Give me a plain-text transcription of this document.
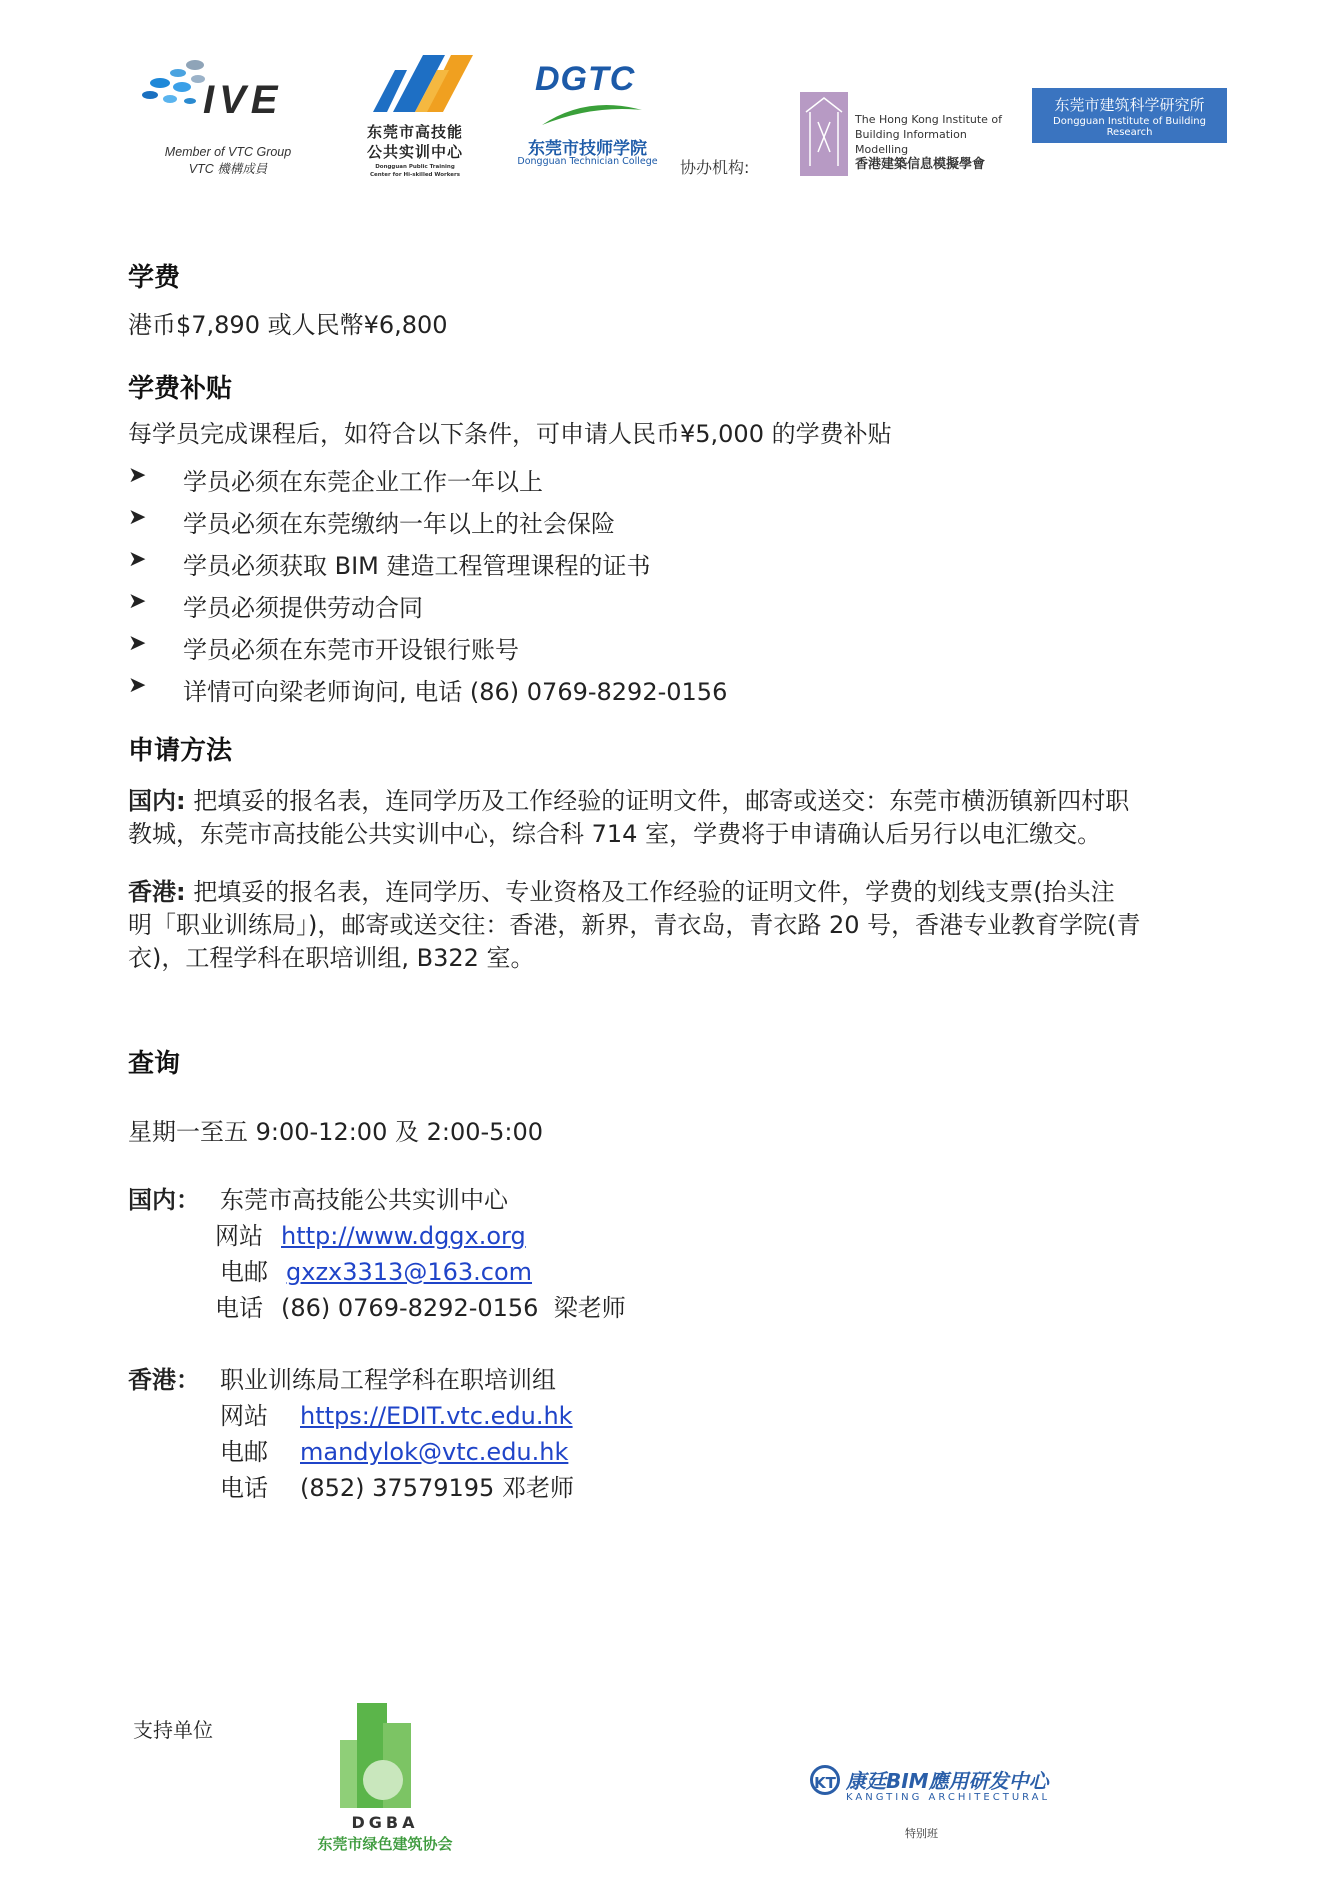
IVE
Member of VTC Group
VTC 機構成員
东莞市高技能
公共实训中心
Dongguan Public Training
Center for Hi-skilled Workers
DGTC
东莞市技师学院
Dongguan Technician College	协办机构:
The Hong Kong Institute of
Building Information Modelling
香港建築信息模擬學會
东莞市建筑科学研究所
Dongguan Institute of Building Research
学费
港币$7,890 或人民幣¥6,800
学费补贴
每学员完成课程后，如符合以下条件，可申请人民币¥5,000 的学费补贴
➤ 学员必须在东莞企业工作一年以上
➤ 学员必须在东莞缴纳一年以上的社会保险
➤ 学员必须获取 BIM 建造工程管理课程的证书
➤ 学员必须提供劳动合同
➤ 学员必须在东莞市开设银行账号
➤ 详情可向梁老师询问, 电话 (86) 0769-8292-0156
申请方法
国内: 把填妥的报名表，连同学历及工作经验的证明文件，邮寄或送交：东莞市横沥镇新四村职
教城，东莞市高技能公共实训中心，综合科 714 室，学费将于申请确认后另行以电汇缴交。
香港: 把填妥的报名表，连同学历、专业资格及工作经验的证明文件，学费的划线支票(抬头注
明「职业训练局」)，邮寄或送交往：香港，新界，青衣岛，青衣路 20 号，香港专业教育学院(青
衣)，工程学科在职培训组, B322 室。
查询
星期一至五 9:00-12:00 及 2:00-5:00
国内： 东莞市高技能公共实训中心
网站 http://www.dggx.org
电邮 gxzx3313@163.com
电话 (86) 0769-8292-0156  梁老师
香港： 职业训练局工程学科在职培训组
网站 https://EDIT.vtc.edu.hk
电邮 mandylok@vtc.edu.hk
电话 (852) 37579195 邓老师
支持单位
DGBA
东莞市绿色建筑协会
KT 康廷BIM應用研发中心
KANGTING ARCHITECTURAL
特别班
